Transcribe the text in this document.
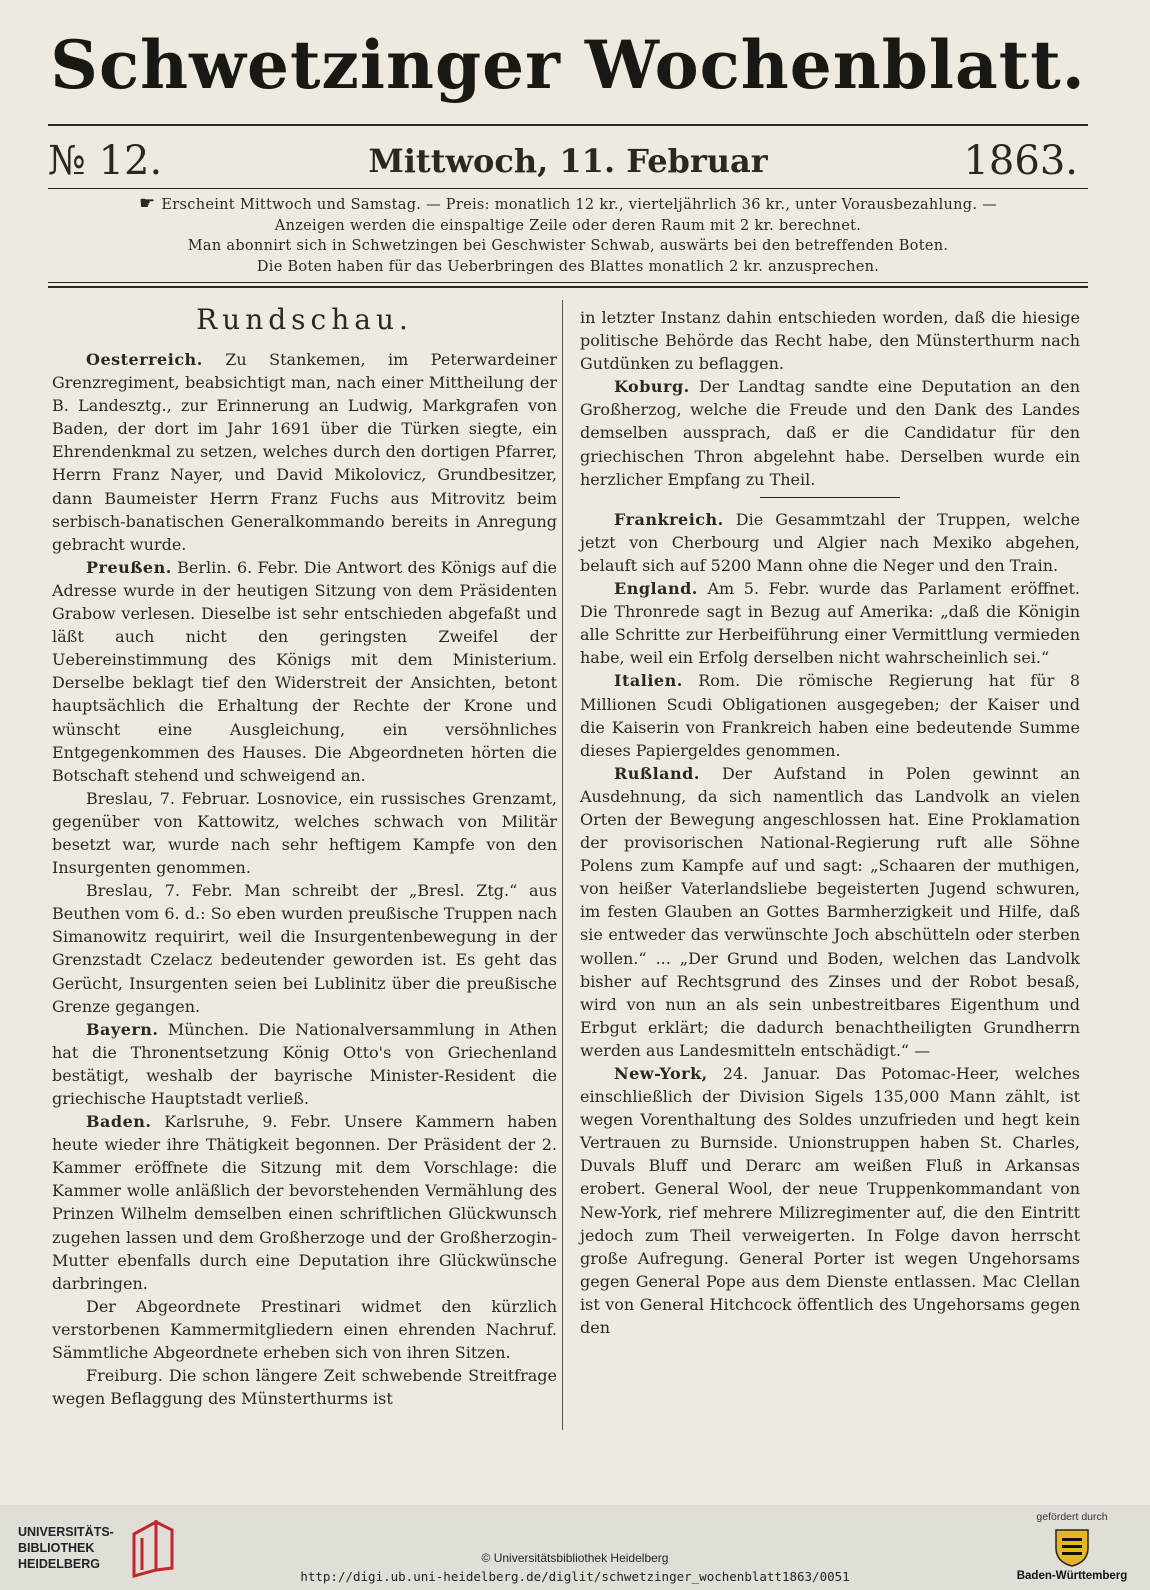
Schwetzinger Wochenblatt.
№ 12.	Mittwoch, 11. Februar	1863.
☛ Erscheint Mittwoch und Samstag. — Preis: monatlich 12 kr., vierteljährlich 36 kr., unter Vorausbezahlung. —
Anzeigen werden die einspaltige Zeile oder deren Raum mit 2 kr. berechnet.
Man abonnirt sich in Schwetzingen bei Geschwister Schwab, auswärts bei den betreffenden Boten.
Die Boten haben für das Ueberbringen des Blattes monatlich 2 kr. anzusprechen.
Rundschau.

Oesterreich. Zu Stankemen, im Peterwardeiner Grenzregiment, beabsichtigt man, nach einer Mittheilung der B. Landesztg., zur Erinnerung an Ludwig, Markgrafen von Baden, der dort im Jahr 1691 über die Türken siegte, ein Ehrendenkmal zu setzen, welches durch den dortigen Pfarrer, Herrn Franz Nayer, und David Mikolovicz, Grundbesitzer, dann Baumeister Herrn Franz Fuchs aus Mitrovitz beim serbisch-banatischen Generalkommando bereits in Anregung gebracht wurde.

Preußen. Berlin. 6. Febr. Die Antwort des Königs auf die Adresse wurde in der heutigen Sitzung von dem Präsidenten Grabow verlesen. Dieselbe ist sehr entschieden abgefaßt und läßt auch nicht den geringsten Zweifel der Uebereinstimmung des Königs mit dem Ministerium. Derselbe beklagt tief den Widerstreit der Ansichten, betont hauptsächlich die Erhaltung der Rechte der Krone und wünscht eine Ausgleichung, ein versöhnliches Entgegenkommen des Hauses. Die Abgeordneten hörten die Botschaft stehend und schweigend an.

Breslau, 7. Februar. Losnovice, ein russisches Grenzamt, gegenüber von Kattowitz, welches schwach von Militär besetzt war, wurde nach sehr heftigem Kampfe von den Insurgenten genommen.

Breslau, 7. Febr. Man schreibt der „Bresl. Ztg.“ aus Beuthen vom 6. d.: So eben wurden preußische Truppen nach Simanowitz requirirt, weil die Insurgentenbewegung in der Grenzstadt Czelacz bedeutender geworden ist. Es geht das Gerücht, Insurgenten seien bei Lublinitz über die preußische Grenze gegangen.

Bayern. München. Die Nationalversammlung in Athen hat die Thronentsetzung König Otto's von Griechenland bestätigt, weshalb der bayrische Minister-Resident die griechische Hauptstadt verließ.

Baden. Karlsruhe, 9. Febr. Unsere Kammern haben heute wieder ihre Thätigkeit begonnen. Der Präsident der 2. Kammer eröffnete die Sitzung mit dem Vorschlage: die Kammer wolle anläßlich der bevorstehenden Vermählung des Prinzen Wilhelm demselben einen schriftlichen Glückwunsch zugehen lassen und dem Großherzoge und der Großherzogin-Mutter ebenfalls durch eine Deputation ihre Glückwünsche darbringen.

Der Abgeordnete Prestinari widmet den kürzlich verstorbenen Kammermitgliedern einen ehrenden Nachruf. Sämmtliche Abgeordnete erheben sich von ihren Sitzen.

Freiburg. Die schon längere Zeit schwebende Streitfrage wegen Beflaggung des Münsterthurms ist

in letzter Instanz dahin entschieden worden, daß die hiesige politische Behörde das Recht habe, den Münsterthurm nach Gutdünken zu beflaggen.

Koburg. Der Landtag sandte eine Deputation an den Großherzog, welche die Freude und den Dank des Landes demselben aussprach, daß er die Candidatur für den griechischen Thron abgelehnt habe. Derselben wurde ein herzlicher Empfang zu Theil.

Frankreich. Die Gesammtzahl der Truppen, welche jetzt von Cherbourg und Algier nach Mexiko abgehen, belauft sich auf 5200 Mann ohne die Neger und den Train.

England. Am 5. Febr. wurde das Parlament eröffnet. Die Thronrede sagt in Bezug auf Amerika: „daß die Königin alle Schritte zur Herbeiführung einer Vermittlung vermieden habe, weil ein Erfolg derselben nicht wahrscheinlich sei.“

Italien. Rom. Die römische Regierung hat für 8 Millionen Scudi Obligationen ausgegeben; der Kaiser und die Kaiserin von Frankreich haben eine bedeutende Summe dieses Papiergeldes genommen.

Rußland. Der Aufstand in Polen gewinnt an Ausdehnung, da sich namentlich das Landvolk an vielen Orten der Bewegung angeschlossen hat. Eine Proklamation der provisorischen National-Regierung ruft alle Söhne Polens zum Kampfe auf und sagt: „Schaaren der muthigen, von heißer Vaterlandsliebe begeisterten Jugend schwuren, im festen Glauben an Gottes Barmherzigkeit und Hilfe, daß sie entweder das verwünschte Joch abschütteln oder sterben wollen.“ ... „Der Grund und Boden, welchen das Landvolk bisher auf Rechtsgrund des Zinses und der Robot besaß, wird von nun an als sein unbestreitbares Eigenthum und Erbgut erklärt; die dadurch benachtheiligten Grundherrn werden aus Landesmitteln entschädigt.“ —

New-York, 24. Januar. Das Potomac-Heer, welches einschließlich der Division Sigels 135,000 Mann zählt, ist wegen Vorenthaltung des Soldes unzufrieden und hegt kein Vertrauen zu Burnside. Unionstruppen haben St. Charles, Duvals Bluff und Derarc am weißen Fluß in Arkansas erobert. General Wool, der neue Truppenkommandant von New-York, rief mehrere Milizregimenter auf, die den Eintritt jedoch zum Theil verweigerten. In Folge davon herrscht große Aufregung. General Porter ist wegen Ungehorsams gegen General Pope aus dem Dienste entlassen. Mac Clellan ist von General Hitchcock öffentlich des Ungehorsams gegen den

UNIVERSITÄTS-
BIBLIOTHEK
HEIDELBERG	© Universitätsbibliothek Heidelberg
http://digi.ub.uni-heidelberg.de/diglit/schwetzinger_wochenblatt1863/0051
gefördert durch
Baden-Württemberg
